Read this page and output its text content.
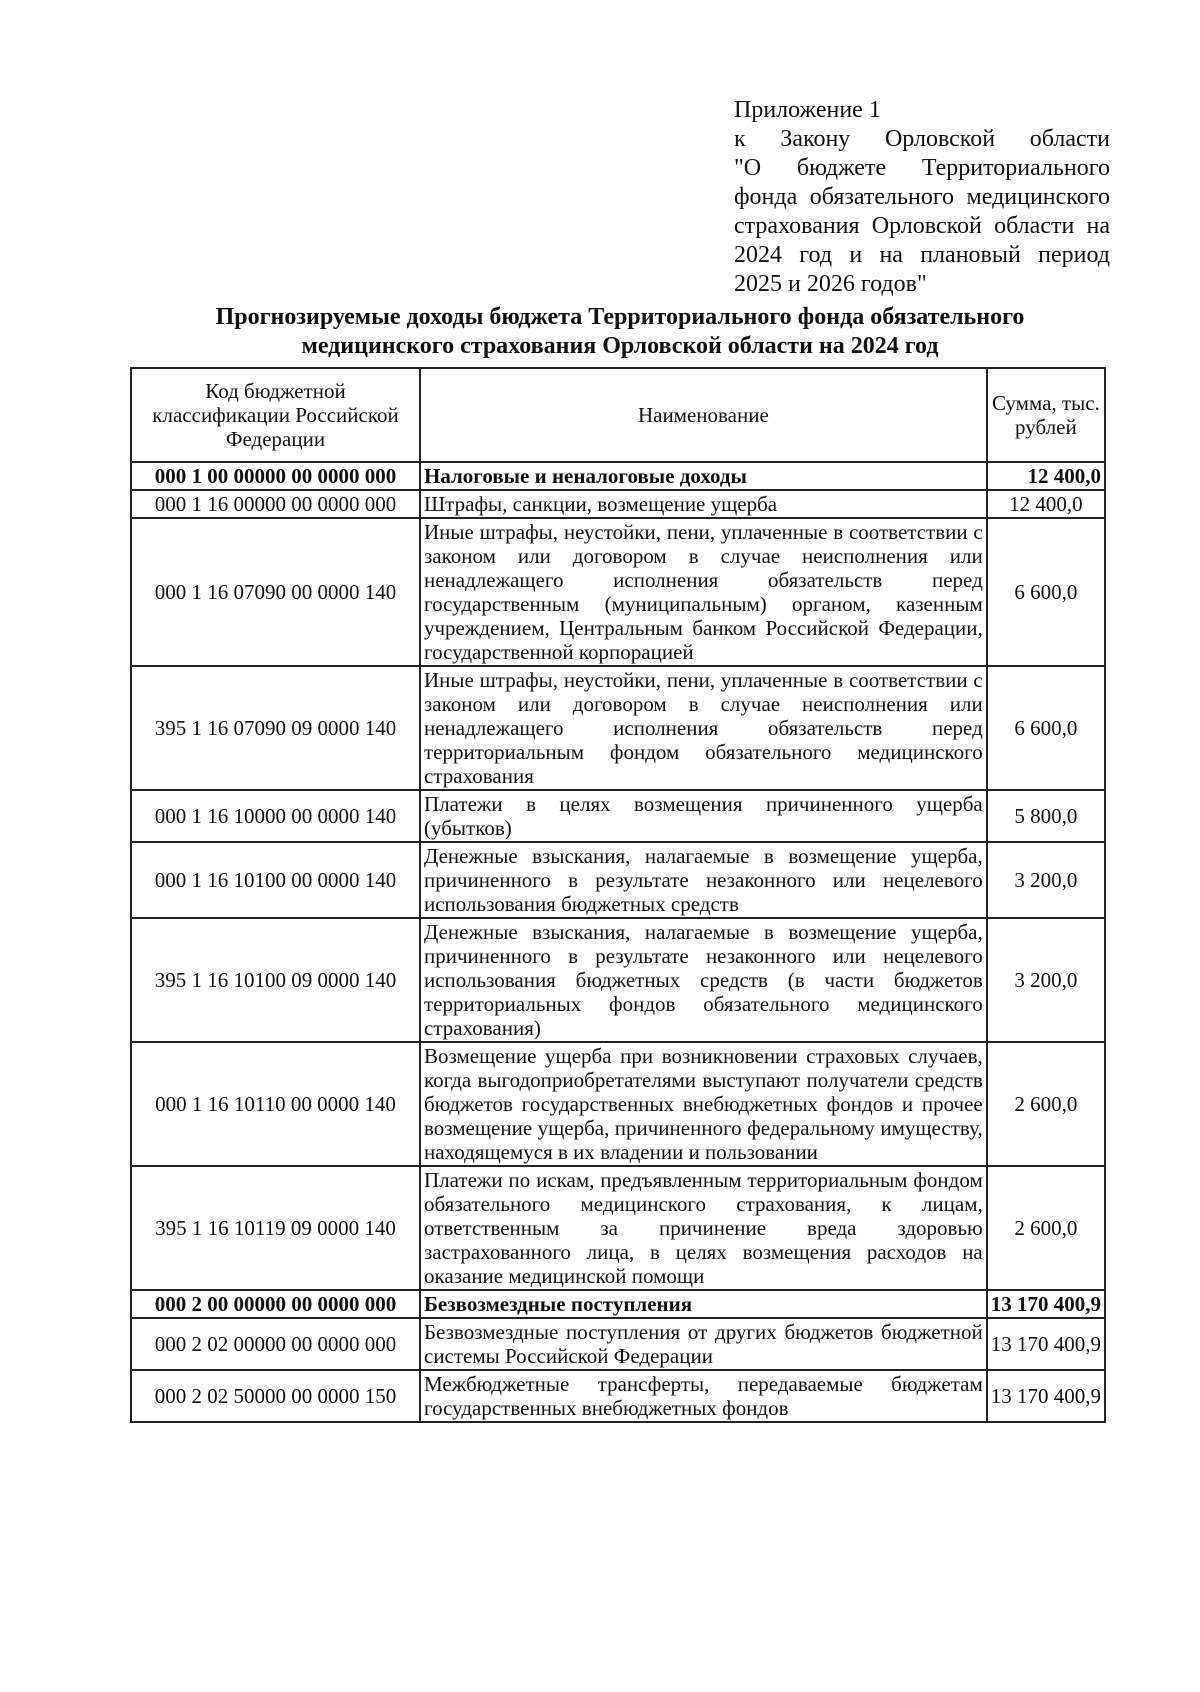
Приложение 1
к Закону Орловской области
"О бюджете Территориального
фонда обязательного медицинского
страхования Орловской области на
2024 год и на плановый период
2025 и 2026 годов"
Прогнозируемые доходы бюджета Территориального фонда обязательного
медицинского страхования Орловской области на 2024 год
Код бюджетной классификации Российской Федерации	Наименование	Сумма, тыс. рублей
000 1 00 00000 00 0000 000	Налоговые и неналоговые доходы	12 400,0
000 1 16 00000 00 0000 000	Штрафы, санкции, возмещение ущерба	12 400,0
000 1 16 07090 00 0000 140	Иные штрафы, неустойки, пени, уплаченные в соответствии с законом или договором в случае неисполнения или ненадлежащего исполнения обязательств перед государственным (муниципальным) органом, казенным учреждением, Центральным банком Российской Федерации, государственной корпорацией	6 600,0
395 1 16 07090 09 0000 140	Иные штрафы, неустойки, пени, уплаченные в соответствии с законом или договором в случае неисполнения или ненадлежащего исполнения обязательств перед территориальным фондом обязательного медицинского страхования	6 600,0
000 1 16 10000 00 0000 140	Платежи в целях возмещения причиненного ущерба (убытков)	5 800,0
000 1 16 10100 00 0000 140	Денежные взыскания, налагаемые в возмещение ущерба, причиненного в результате незаконного или нецелевого использования бюджетных средств	3 200,0
395 1 16 10100 09 0000 140	Денежные взыскания, налагаемые в возмещение ущерба, причиненного в результате незаконного или нецелевого использования бюджетных средств (в части бюджетов территориальных фондов обязательного медицинского страхования)	3 200,0
000 1 16 10110 00 0000 140	Возмещение ущерба при возникновении страховых случаев, когда выгодоприобретателями выступают получатели средств бюджетов государственных внебюджетных фондов и прочее возмещение ущерба, причиненного федеральному имуществу, находящемуся в их владении и пользовании	2 600,0
395 1 16 10119 09 0000 140	Платежи по искам, предъявленным территориальным фондом обязательного медицинского страхования, к лицам, ответственным за причинение вреда здоровью застрахованного лица, в целях возмещения расходов на оказание медицинской помощи	2 600,0
000 2 00 00000 00 0000 000	Безвозмездные поступления	13 170 400,9
000 2 02 00000 00 0000 000	Безвозмездные поступления от других бюджетов бюджетной системы Российской Федерации	13 170 400,9
000 2 02 50000 00 0000 150	Межбюджетные трансферты, передаваемые бюджетам государственных внебюджетных фондов	13 170 400,9
